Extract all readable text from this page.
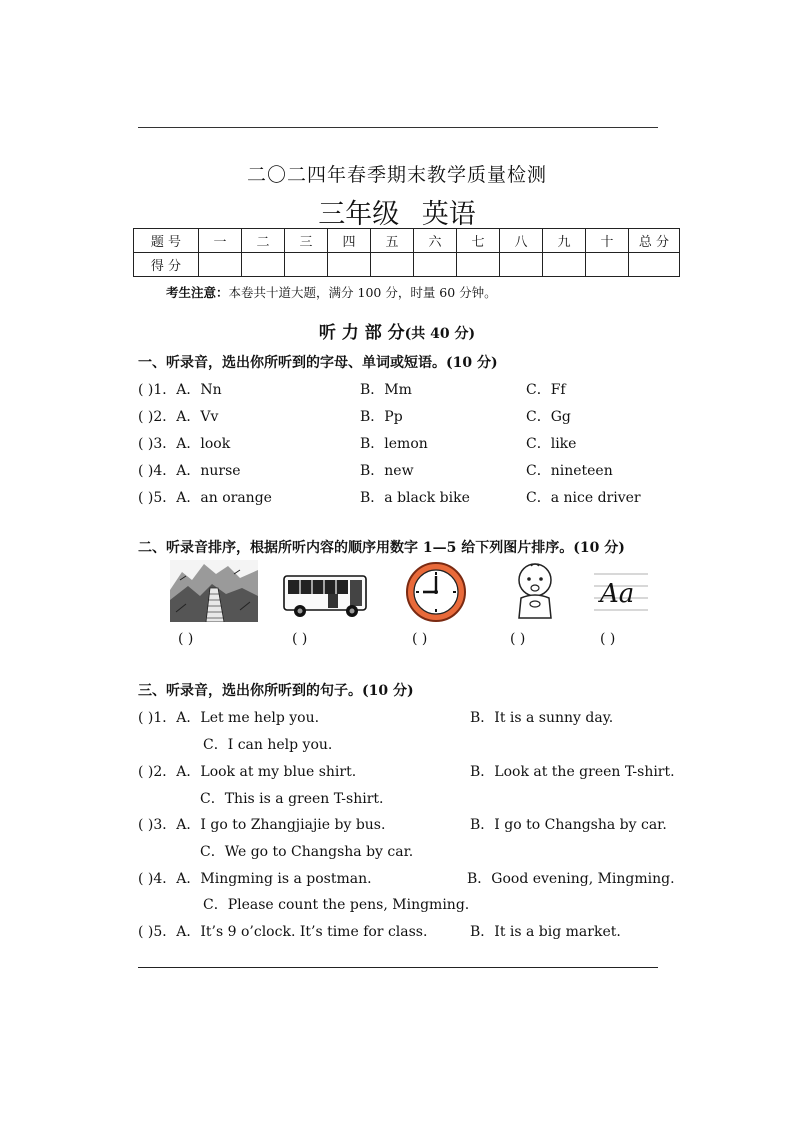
二〇二四年春季期末教学质量检测
三年级 英语
题 号	一	二	三	四	五	六	七	八	九	十	总 分
得 分											
考生注意：本卷共十道大题，满分 100 分，时量 60 分钟。
听 力 部 分(共 40 分)
一、听录音，选出你所听到的字母、单词或短语。(10 分)
( )1．A．Nn	B．Mm	C．Ff
( )2．A．Vv	B．Pp	C．Gg
( )3．A．look	B．lemon	C．like
( )4．A．nurse	B．new	C．nineteen
( )5．A．an orange	B．a black bike	C．a nice driver
二、听录音排序，根据所听内容的顺序用数字 1—5 给下列图片排序。(10 分)
Aa
( )	( )	( )	( )	( )
三、听录音，选出你所听到的句子。(10 分)
( )1．A．Let me help you.	B．It is a sunny day.
C．I can help you.
( )2．A．Look at my blue shirt.	B．Look at the green T-shirt.
C．This is a green T-shirt.
( )3．A．I go to Zhangjiajie by bus.	B．I go to Changsha by car.
C．We go to Changsha by car.
( )4．A．Mingming is a postman.	B．Good evening, Mingming.
C．Please count the pens, Mingming.
( )5．A．It’s 9 o’clock. It’s time for class.	B．It is a big market.
